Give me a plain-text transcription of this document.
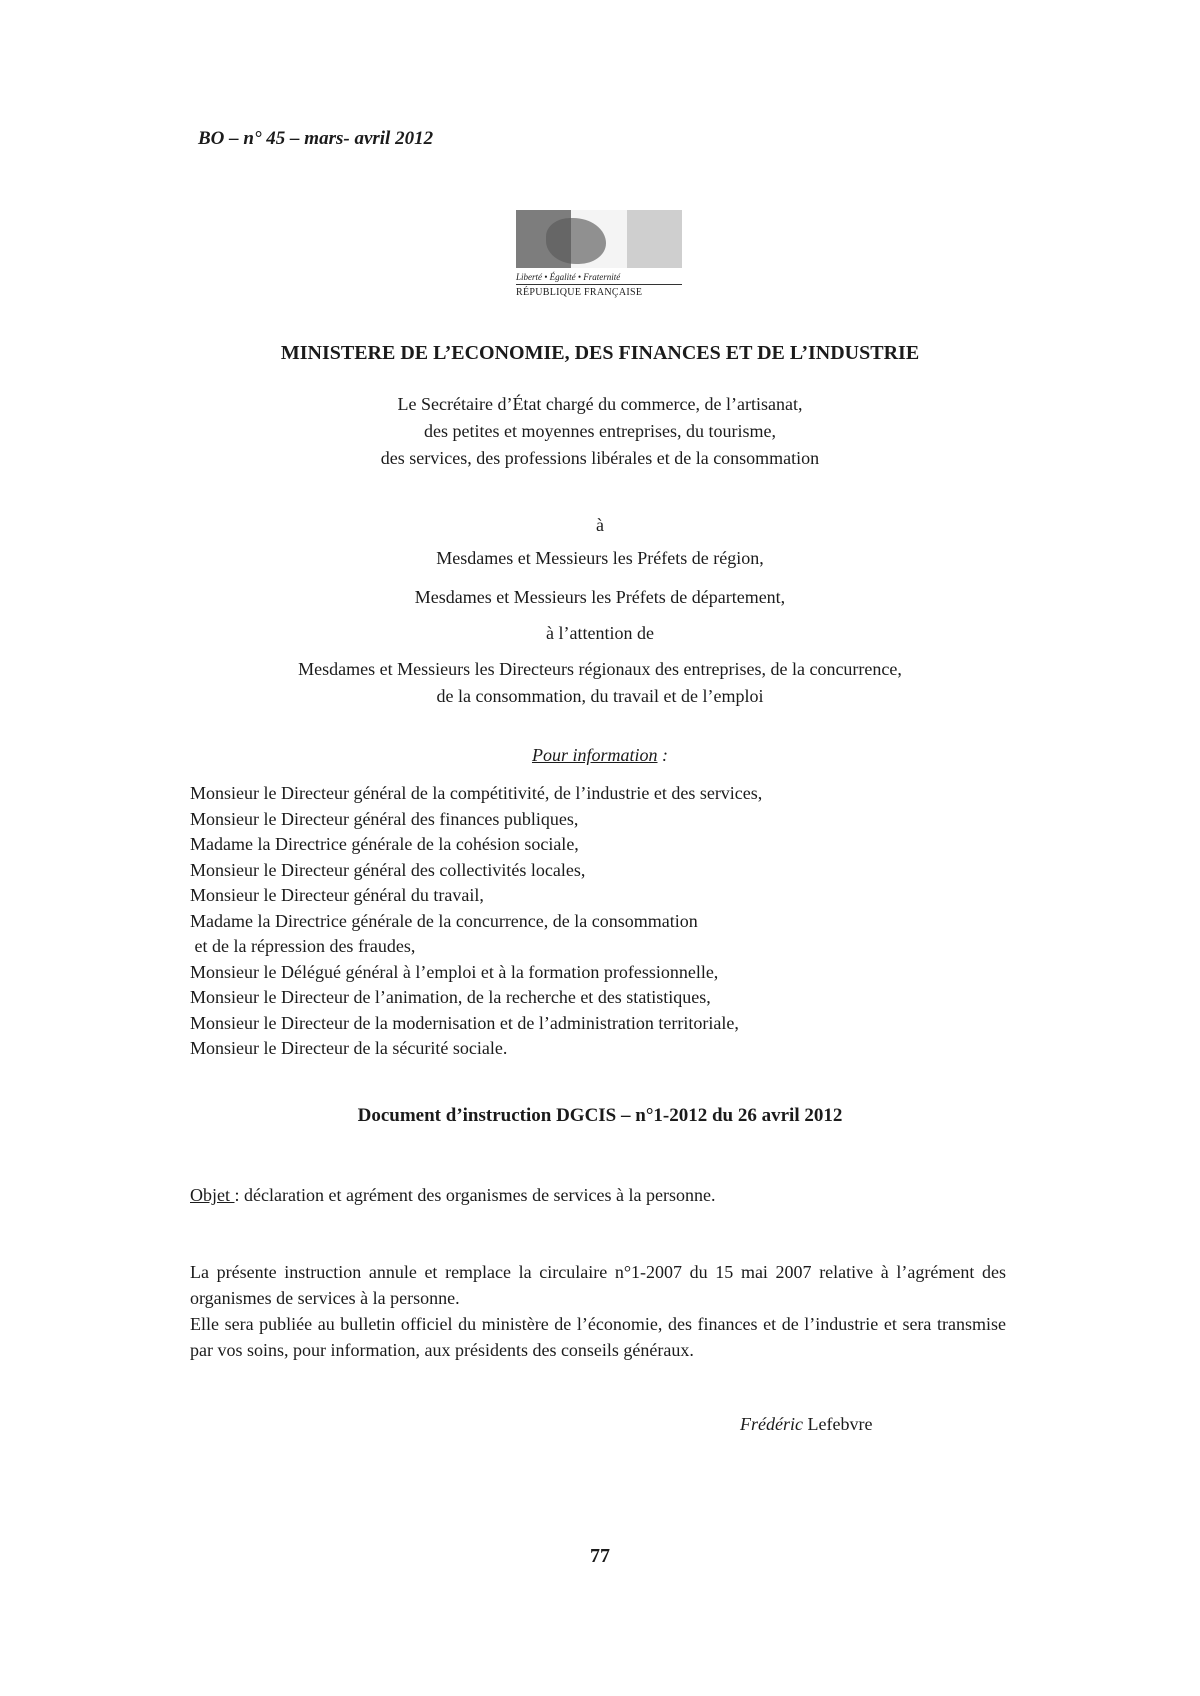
BO – n° 45 – mars- avril 2012
Liberté • Égalité • Fraternité
RÉPUBLIQUE FRANÇAISE
MINISTERE DE L’ECONOMIE, DES FINANCES ET DE L’INDUSTRIE
Le Secrétaire d’État chargé du commerce, de l’artisanat,
des petites et moyennes entreprises, du tourisme,
des services, des professions libérales et de la consommation
à
Mesdames et Messieurs les Préfets de région,
Mesdames et Messieurs les Préfets de département,
à l’attention de
Mesdames et Messieurs les Directeurs régionaux des entreprises, de la concurrence,
de la consommation, du travail et de l’emploi
Pour information :
Monsieur le Directeur général de la compétitivité, de l’industrie et des services,
Monsieur le Directeur général des finances publiques,
Madame la Directrice générale de la cohésion sociale,
Monsieur le Directeur général des collectivités locales,
Monsieur le Directeur général du travail,
Madame la Directrice générale de la concurrence, de la consommation
et de la répression des fraudes,
Monsieur le Délégué général à l’emploi et à la formation professionnelle,
Monsieur le Directeur de l’animation, de la recherche et des statistiques,
Monsieur le Directeur de la modernisation et de l’administration territoriale,
Monsieur le Directeur de la sécurité sociale.
Document d’instruction DGCIS – n°1-2012 du 26 avril 2012
Objet : déclaration et agrément des organismes de services à la personne.

La présente instruction annule et remplace la circulaire n°1-2007 du 15 mai 2007 relative à l’agrément des organismes de services à la personne.

Elle sera publiée au bulletin officiel du ministère de l’économie, des finances et de l’industrie et sera transmise par vos soins, pour information, aux présidents des conseils généraux.

Frédéric Lefebvre
77
